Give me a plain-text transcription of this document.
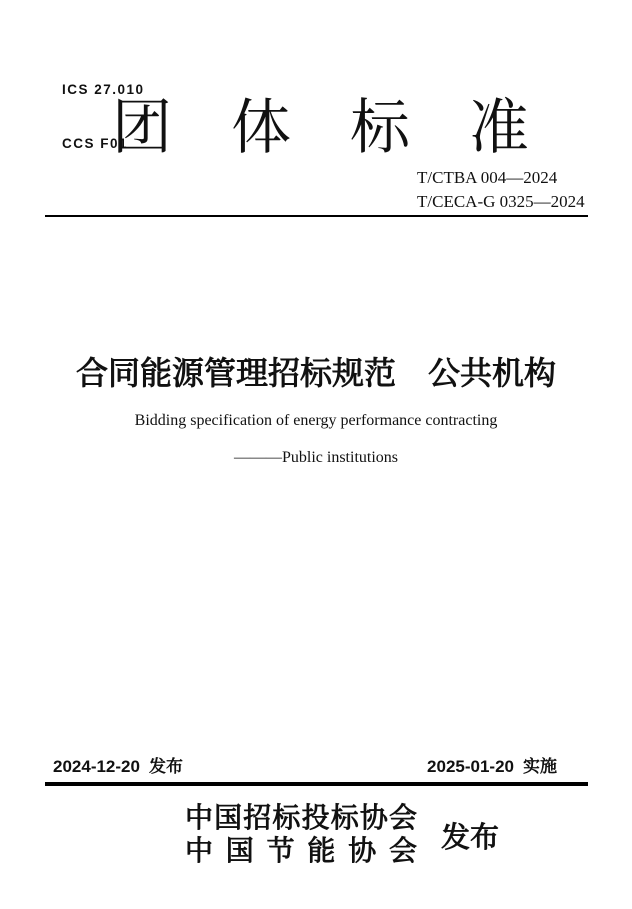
ICS 27.010

CCS F01

团体标准
T/CTBA 004—2024
T/CECA-G 0325—2024
合同能源管理招标规范　公共机构
Bidding specification of energy performance contracting
———Public institutions
2024-12-20 发布	2025-01-20 实施
中国招标投标协会
中国节能协会 发布
